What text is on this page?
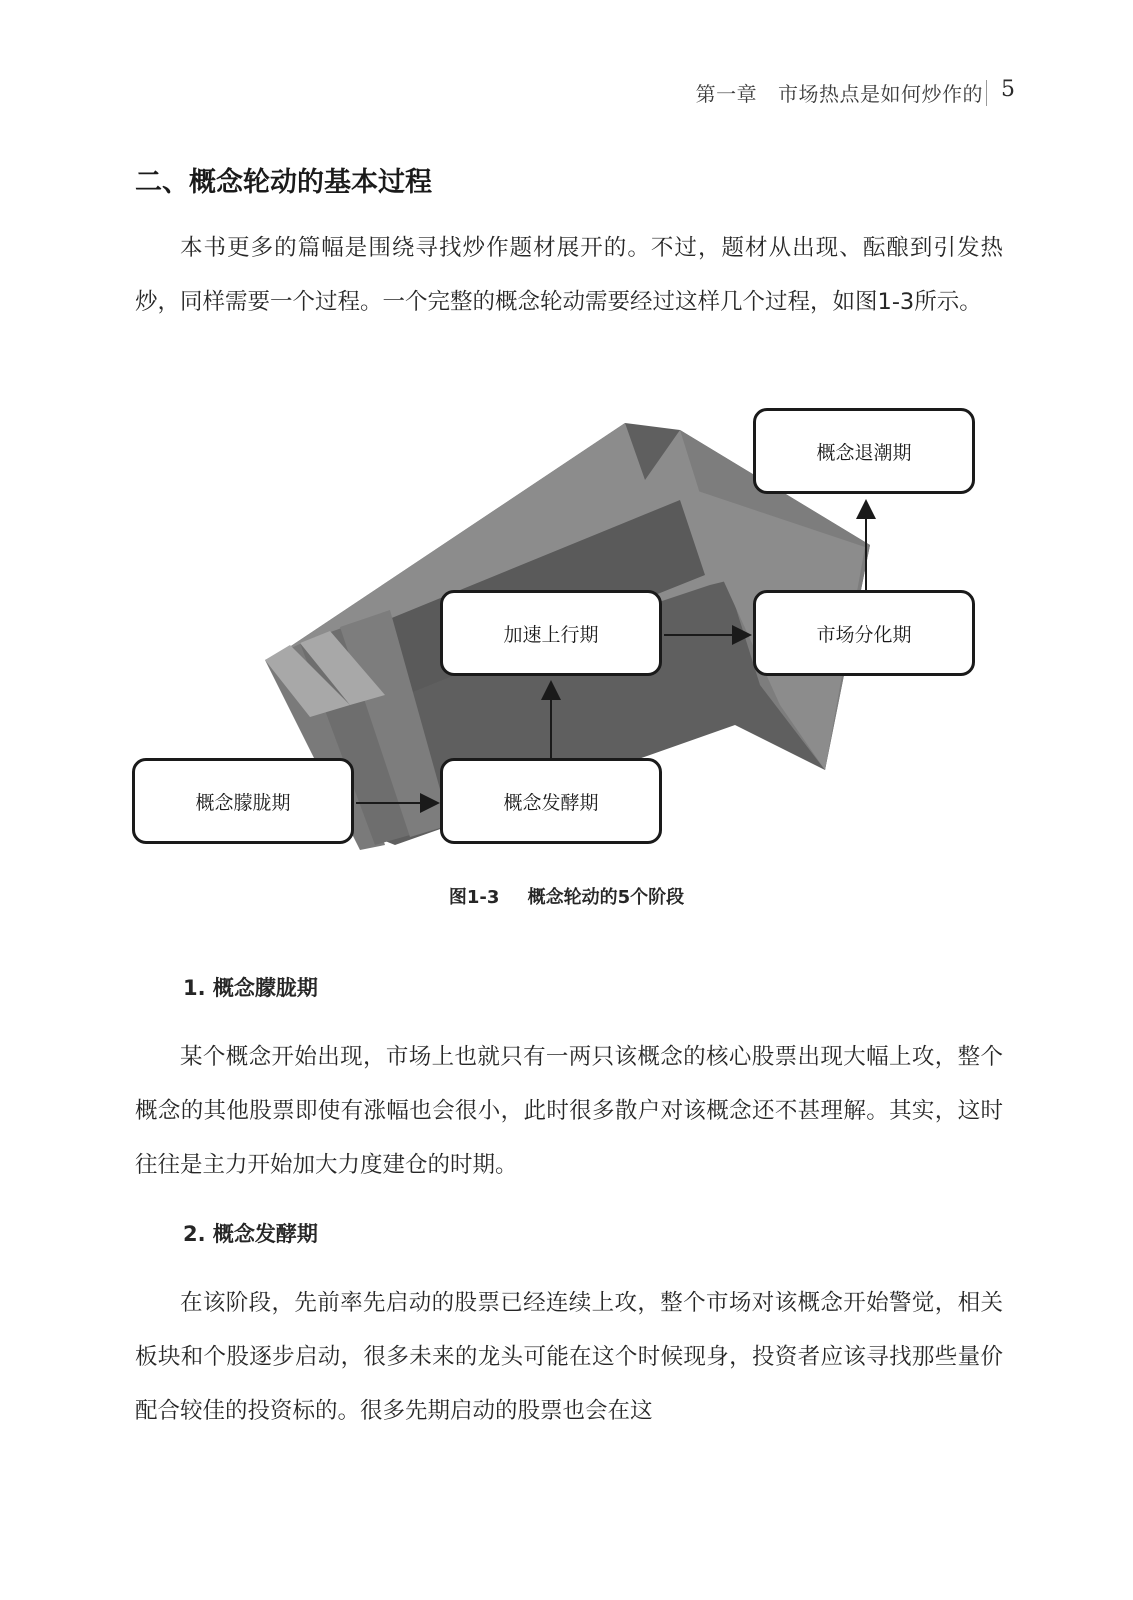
第一章 市场热点是如何炒作的 5
二、概念轮动的基本过程

本书更多的篇幅是围绕寻找炒作题材展开的。不过，题材从出现、酝酿到引发热炒，同样需要一个过程。一个完整的概念轮动需要经过这样几个过程，如图1-3所示。

概念朦胧期	概念发酵期
加速上行期	市场分化期
概念退潮期

图1-3 概念轮动的5个阶段

1. 概念朦胧期

某个概念开始出现，市场上也就只有一两只该概念的核心股票出现大幅上攻，整个概念的其他股票即使有涨幅也会很小，此时很多散户对该概念还不甚理解。其实，这时往往是主力开始加大力度建仓的时期。

2. 概念发酵期

在该阶段，先前率先启动的股票已经连续上攻，整个市场对该概念开始警觉，相关板块和个股逐步启动，很多未来的龙头可能在这个时候现身，投资者应该寻找那些量价配合较佳的投资标的。很多先期启动的股票也会在这
